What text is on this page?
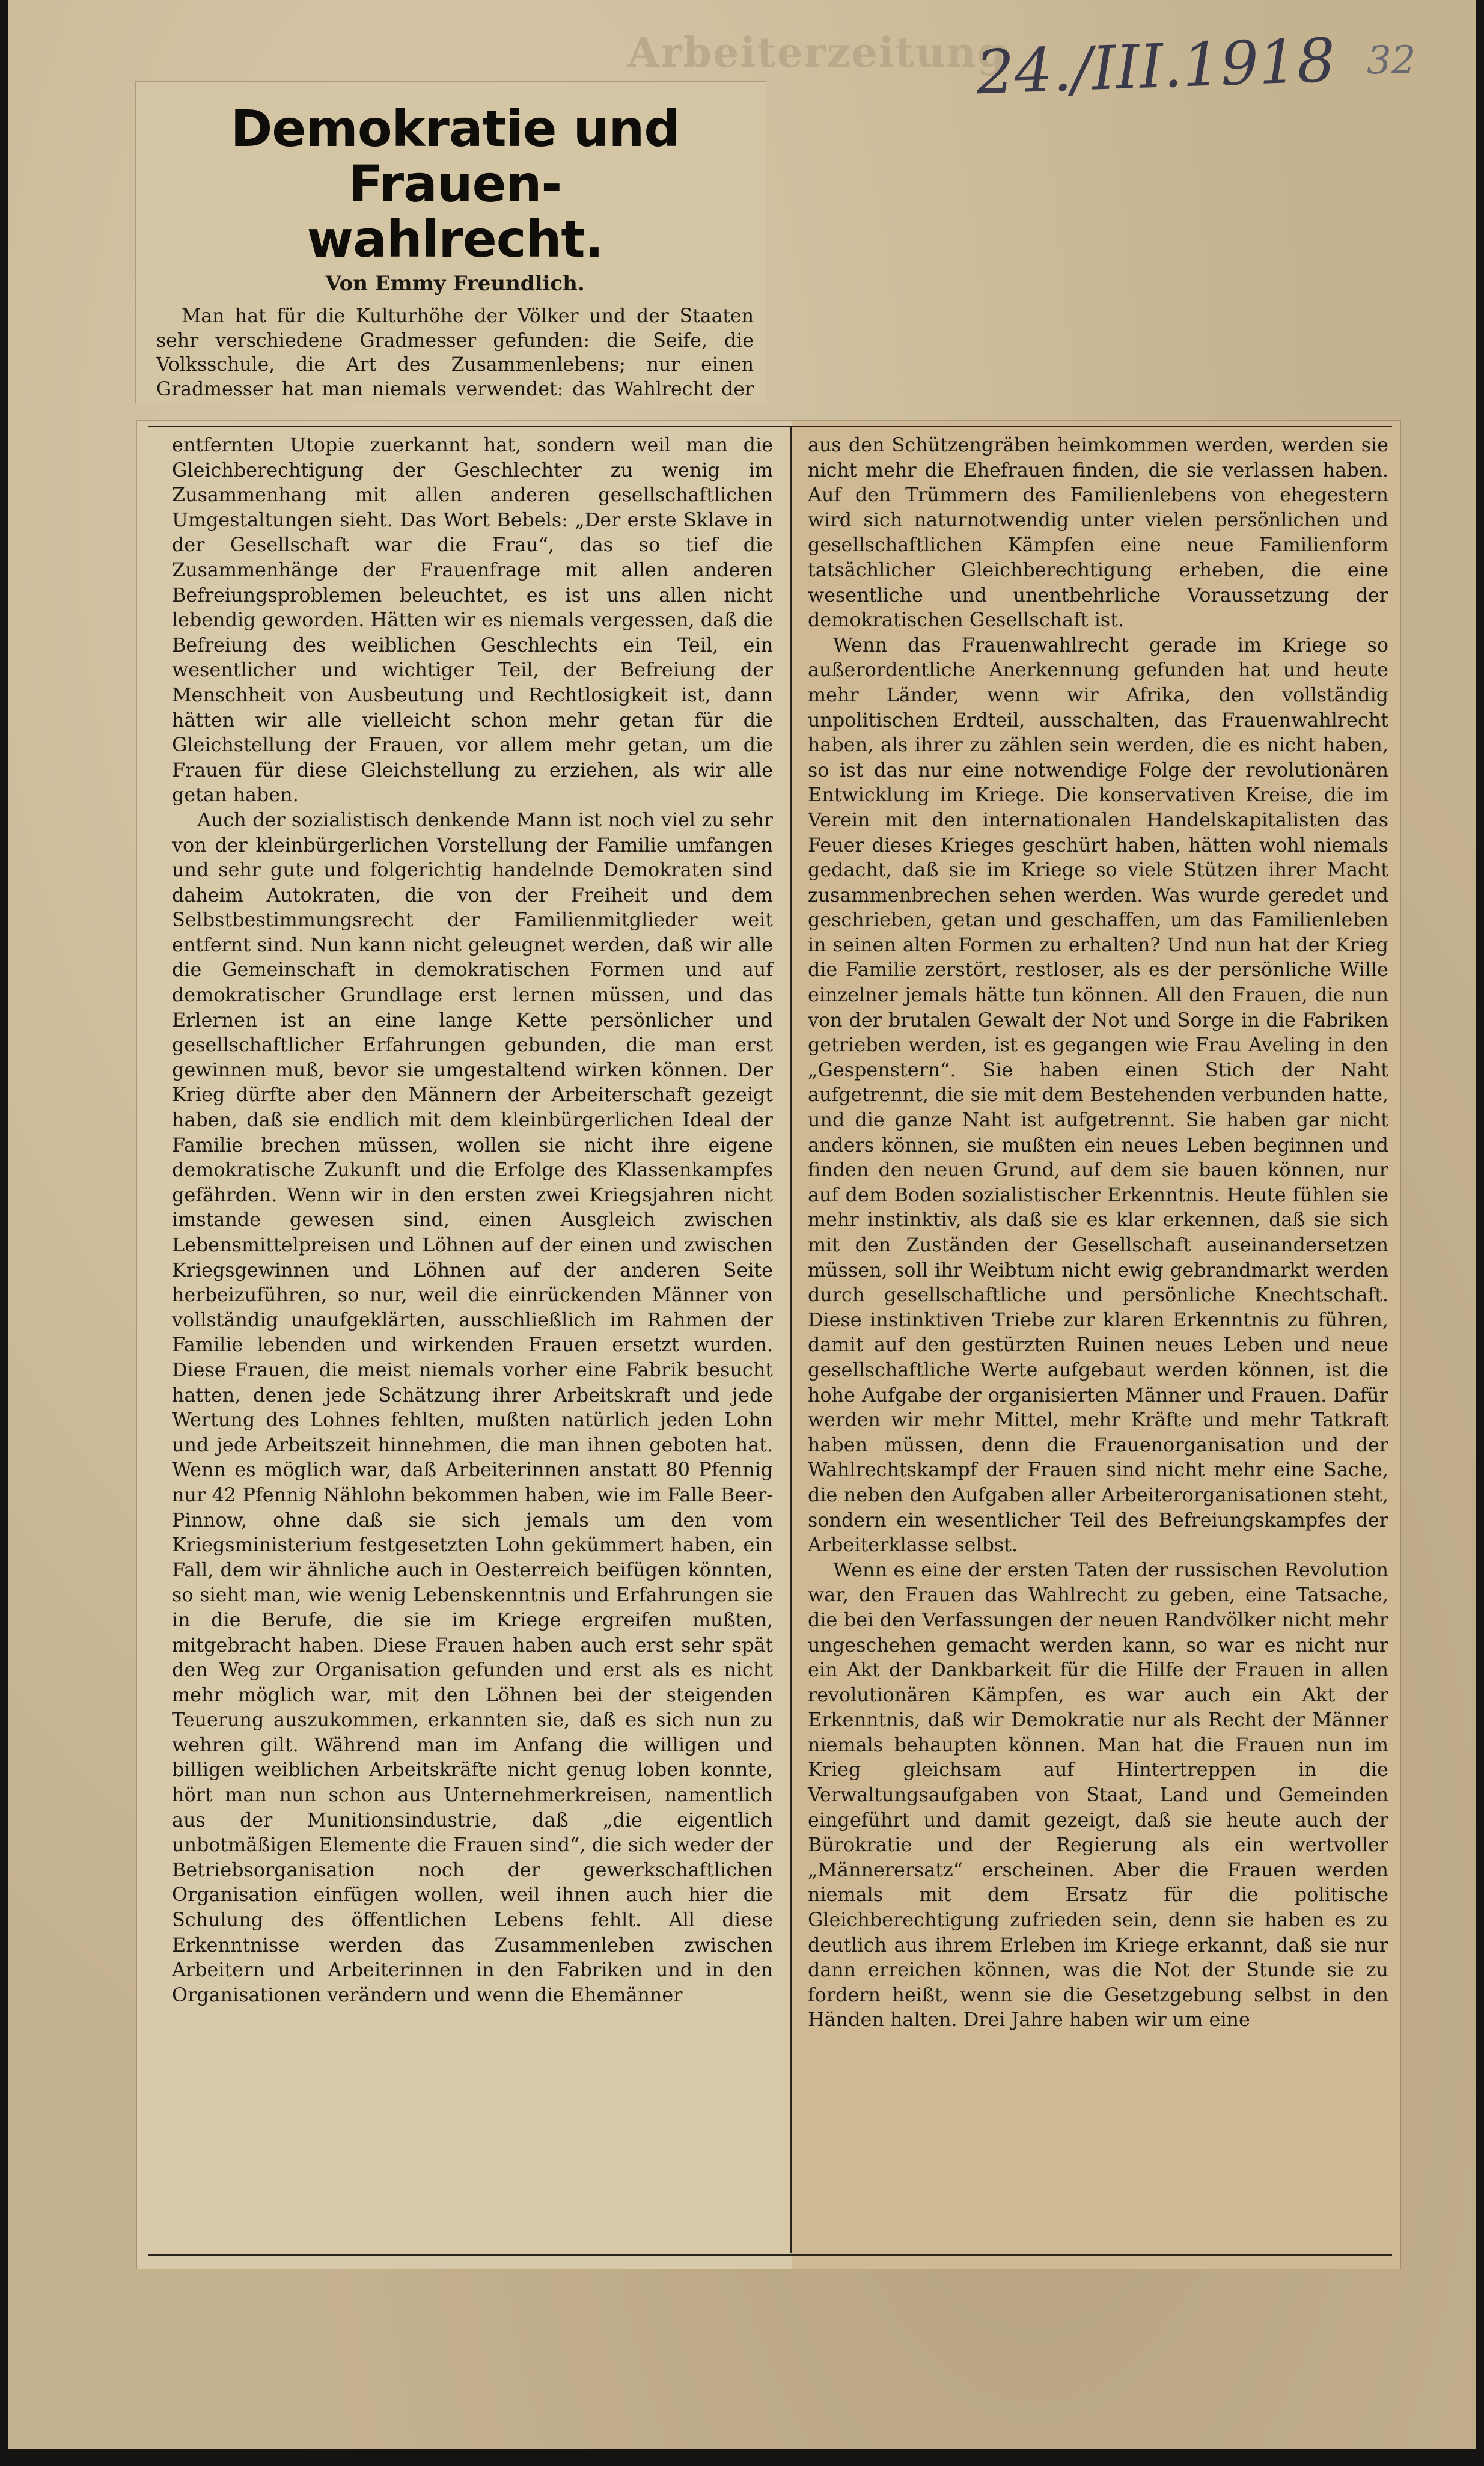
Arbeiterzeitung
24./III.1918 32
Demokratie und Frauen-
wahlrecht.
Von Emmy Freundlich.

Man hat für die Kulturhöhe der Völker und der Staaten sehr verschiedene Gradmesser gefunden: die Seife, die Volksschule, die Art des Zusammenlebens; nur einen Gradmesser hat man niemals verwendet: das Wahlrecht der

entfernten Utopie zuerkannt hat, sondern weil man die Gleichberechtigung der Geschlechter zu wenig im Zusammenhang mit allen anderen gesellschaftlichen Umgestaltungen sieht. Das Wort Bebels: „Der erste Sklave in der Gesellschaft war die Frau“, das so tief die Zusammenhänge der Frauenfrage mit allen anderen Befreiungsproblemen beleuchtet, es ist uns allen nicht lebendig geworden. Hätten wir es niemals vergessen, daß die Befreiung des weiblichen Geschlechts ein Teil, ein wesentlicher und wichtiger Teil, der Befreiung der Menschheit von Ausbeutung und Rechtlosigkeit ist, dann hätten wir alle vielleicht schon mehr getan für die Gleichstellung der Frauen, vor allem mehr getan, um die Frauen für diese Gleichstellung zu erziehen, als wir alle getan haben.

Auch der sozialistisch denkende Mann ist noch viel zu sehr von der kleinbürgerlichen Vorstellung der Familie umfangen und sehr gute und folgerichtig handelnde Demokraten sind daheim Autokraten, die von der Freiheit und dem Selbstbestimmungsrecht der Familienmitglieder weit entfernt sind. Nun kann nicht geleugnet werden, daß wir alle die Gemeinschaft in demokratischen Formen und auf demokratischer Grundlage erst lernen müssen, und das Erlernen ist an eine lange Kette persönlicher und gesellschaftlicher Erfahrungen gebunden, die man erst gewinnen muß, bevor sie umgestaltend wirken können. Der Krieg dürfte aber den Männern der Arbeiterschaft gezeigt haben, daß sie endlich mit dem kleinbürgerlichen Ideal der Familie brechen müssen, wollen sie nicht ihre eigene demokratische Zukunft und die Erfolge des Klassenkampfes gefährden. Wenn wir in den ersten zwei Kriegsjahren nicht imstande gewesen sind, einen Ausgleich zwischen Lebensmittelpreisen und Löhnen auf der einen und zwischen Kriegsgewinnen und Löhnen auf der anderen Seite herbeizuführen, so nur, weil die einrückenden Männer von vollständig unaufgeklärten, ausschließlich im Rahmen der Familie lebenden und wirkenden Frauen ersetzt wurden. Diese Frauen, die meist niemals vorher eine Fabrik besucht hatten, denen jede Schätzung ihrer Arbeitskraft und jede Wertung des Lohnes fehlten, mußten natürlich jeden Lohn und jede Arbeitszeit hinnehmen, die man ihnen geboten hat. Wenn es möglich war, daß Arbeiterinnen anstatt 80 Pfennig nur 42 Pfennig Nählohn bekommen haben, wie im Falle Beer-Pinnow, ohne daß sie sich jemals um den vom Kriegsministerium festgesetzten Lohn gekümmert haben, ein Fall, dem wir ähnliche auch in Oesterreich beifügen könnten, so sieht man, wie wenig Lebenskenntnis und Erfahrungen sie in die Berufe, die sie im Kriege ergreifen mußten, mitgebracht haben. Diese Frauen haben auch erst sehr spät den Weg zur Organisation gefunden und erst als es nicht mehr möglich war, mit den Löhnen bei der steigenden Teuerung auszukommen, erkannten sie, daß es sich nun zu wehren gilt. Während man im Anfang die willigen und billigen weiblichen Arbeitskräfte nicht genug loben konnte, hört man nun schon aus Unternehmerkreisen, namentlich aus der Munitionsindustrie, daß „die eigentlich unbotmäßigen Elemente die Frauen sind“, die sich weder der Betriebsorganisation noch der gewerkschaftlichen Organisation einfügen wollen, weil ihnen auch hier die Schulung des öffentlichen Lebens fehlt. All diese Erkenntnisse werden das Zusammenleben zwischen Arbeitern und Arbeiterinnen in den Fabriken und in den Organisationen verändern und wenn die Ehemänner

aus den Schützengräben heimkommen werden, werden sie nicht mehr die Ehefrauen finden, die sie verlassen haben. Auf den Trümmern des Familienlebens von ehegestern wird sich naturnotwendig unter vielen persönlichen und gesellschaftlichen Kämpfen eine neue Familienform tatsächlicher Gleichberechtigung erheben, die eine wesentliche und unentbehrliche Voraussetzung der demokratischen Gesellschaft ist.

Wenn das Frauenwahlrecht gerade im Kriege so außerordentliche Anerkennung gefunden hat und heute mehr Länder, wenn wir Afrika, den vollständig unpolitischen Erdteil, ausschalten, das Frauenwahlrecht haben, als ihrer zu zählen sein werden, die es nicht haben, so ist das nur eine notwendige Folge der revolutionären Entwicklung im Kriege. Die konservativen Kreise, die im Verein mit den internationalen Handelskapitalisten das Feuer dieses Krieges geschürt haben, hätten wohl niemals gedacht, daß sie im Kriege so viele Stützen ihrer Macht zusammenbrechen sehen werden. Was wurde geredet und geschrieben, getan und geschaffen, um das Familienleben in seinen alten Formen zu erhalten? Und nun hat der Krieg die Familie zerstört, restloser, als es der persönliche Wille einzelner jemals hätte tun können. All den Frauen, die nun von der brutalen Gewalt der Not und Sorge in die Fabriken getrieben werden, ist es gegangen wie Frau Aveling in den „Gespenstern“. Sie haben einen Stich der Naht aufgetrennt, die sie mit dem Bestehenden verbunden hatte, und die ganze Naht ist aufgetrennt. Sie haben gar nicht anders können, sie mußten ein neues Leben beginnen und finden den neuen Grund, auf dem sie bauen können, nur auf dem Boden sozialistischer Erkenntnis. Heute fühlen sie mehr instinktiv, als daß sie es klar erkennen, daß sie sich mit den Zuständen der Gesellschaft auseinandersetzen müssen, soll ihr Weibtum nicht ewig gebrandmarkt werden durch gesellschaftliche und persönliche Knechtschaft. Diese instinktiven Triebe zur klaren Erkenntnis zu führen, damit auf den gestürzten Ruinen neues Leben und neue gesellschaftliche Werte aufgebaut werden können, ist die hohe Aufgabe der organisierten Männer und Frauen. Dafür werden wir mehr Mittel, mehr Kräfte und mehr Tatkraft haben müssen, denn die Frauenorganisation und der Wahlrechtskampf der Frauen sind nicht mehr eine Sache, die neben den Aufgaben aller Arbeiterorganisationen steht, sondern ein wesentlicher Teil des Befreiungskampfes der Arbeiterklasse selbst.

Wenn es eine der ersten Taten der russischen Revolution war, den Frauen das Wahlrecht zu geben, eine Tatsache, die bei den Verfassungen der neuen Randvölker nicht mehr ungeschehen gemacht werden kann, so war es nicht nur ein Akt der Dankbarkeit für die Hilfe der Frauen in allen revolutionären Kämpfen, es war auch ein Akt der Erkenntnis, daß wir Demokratie nur als Recht der Männer niemals behaupten können. Man hat die Frauen nun im Krieg gleichsam auf Hintertreppen in die Verwaltungsaufgaben von Staat, Land und Gemeinden eingeführt und damit gezeigt, daß sie heute auch der Bürokratie und der Regierung als ein wertvoller „Männerersatz“ erscheinen. Aber die Frauen werden niemals mit dem Ersatz für die politische Gleichberechtigung zufrieden sein, denn sie haben es zu deutlich aus ihrem Erleben im Kriege erkannt, daß sie nur dann erreichen können, was die Not der Stunde sie zu fordern heißt, wenn sie die Gesetzgebung selbst in den Händen halten. Drei Jahre haben wir um eine
